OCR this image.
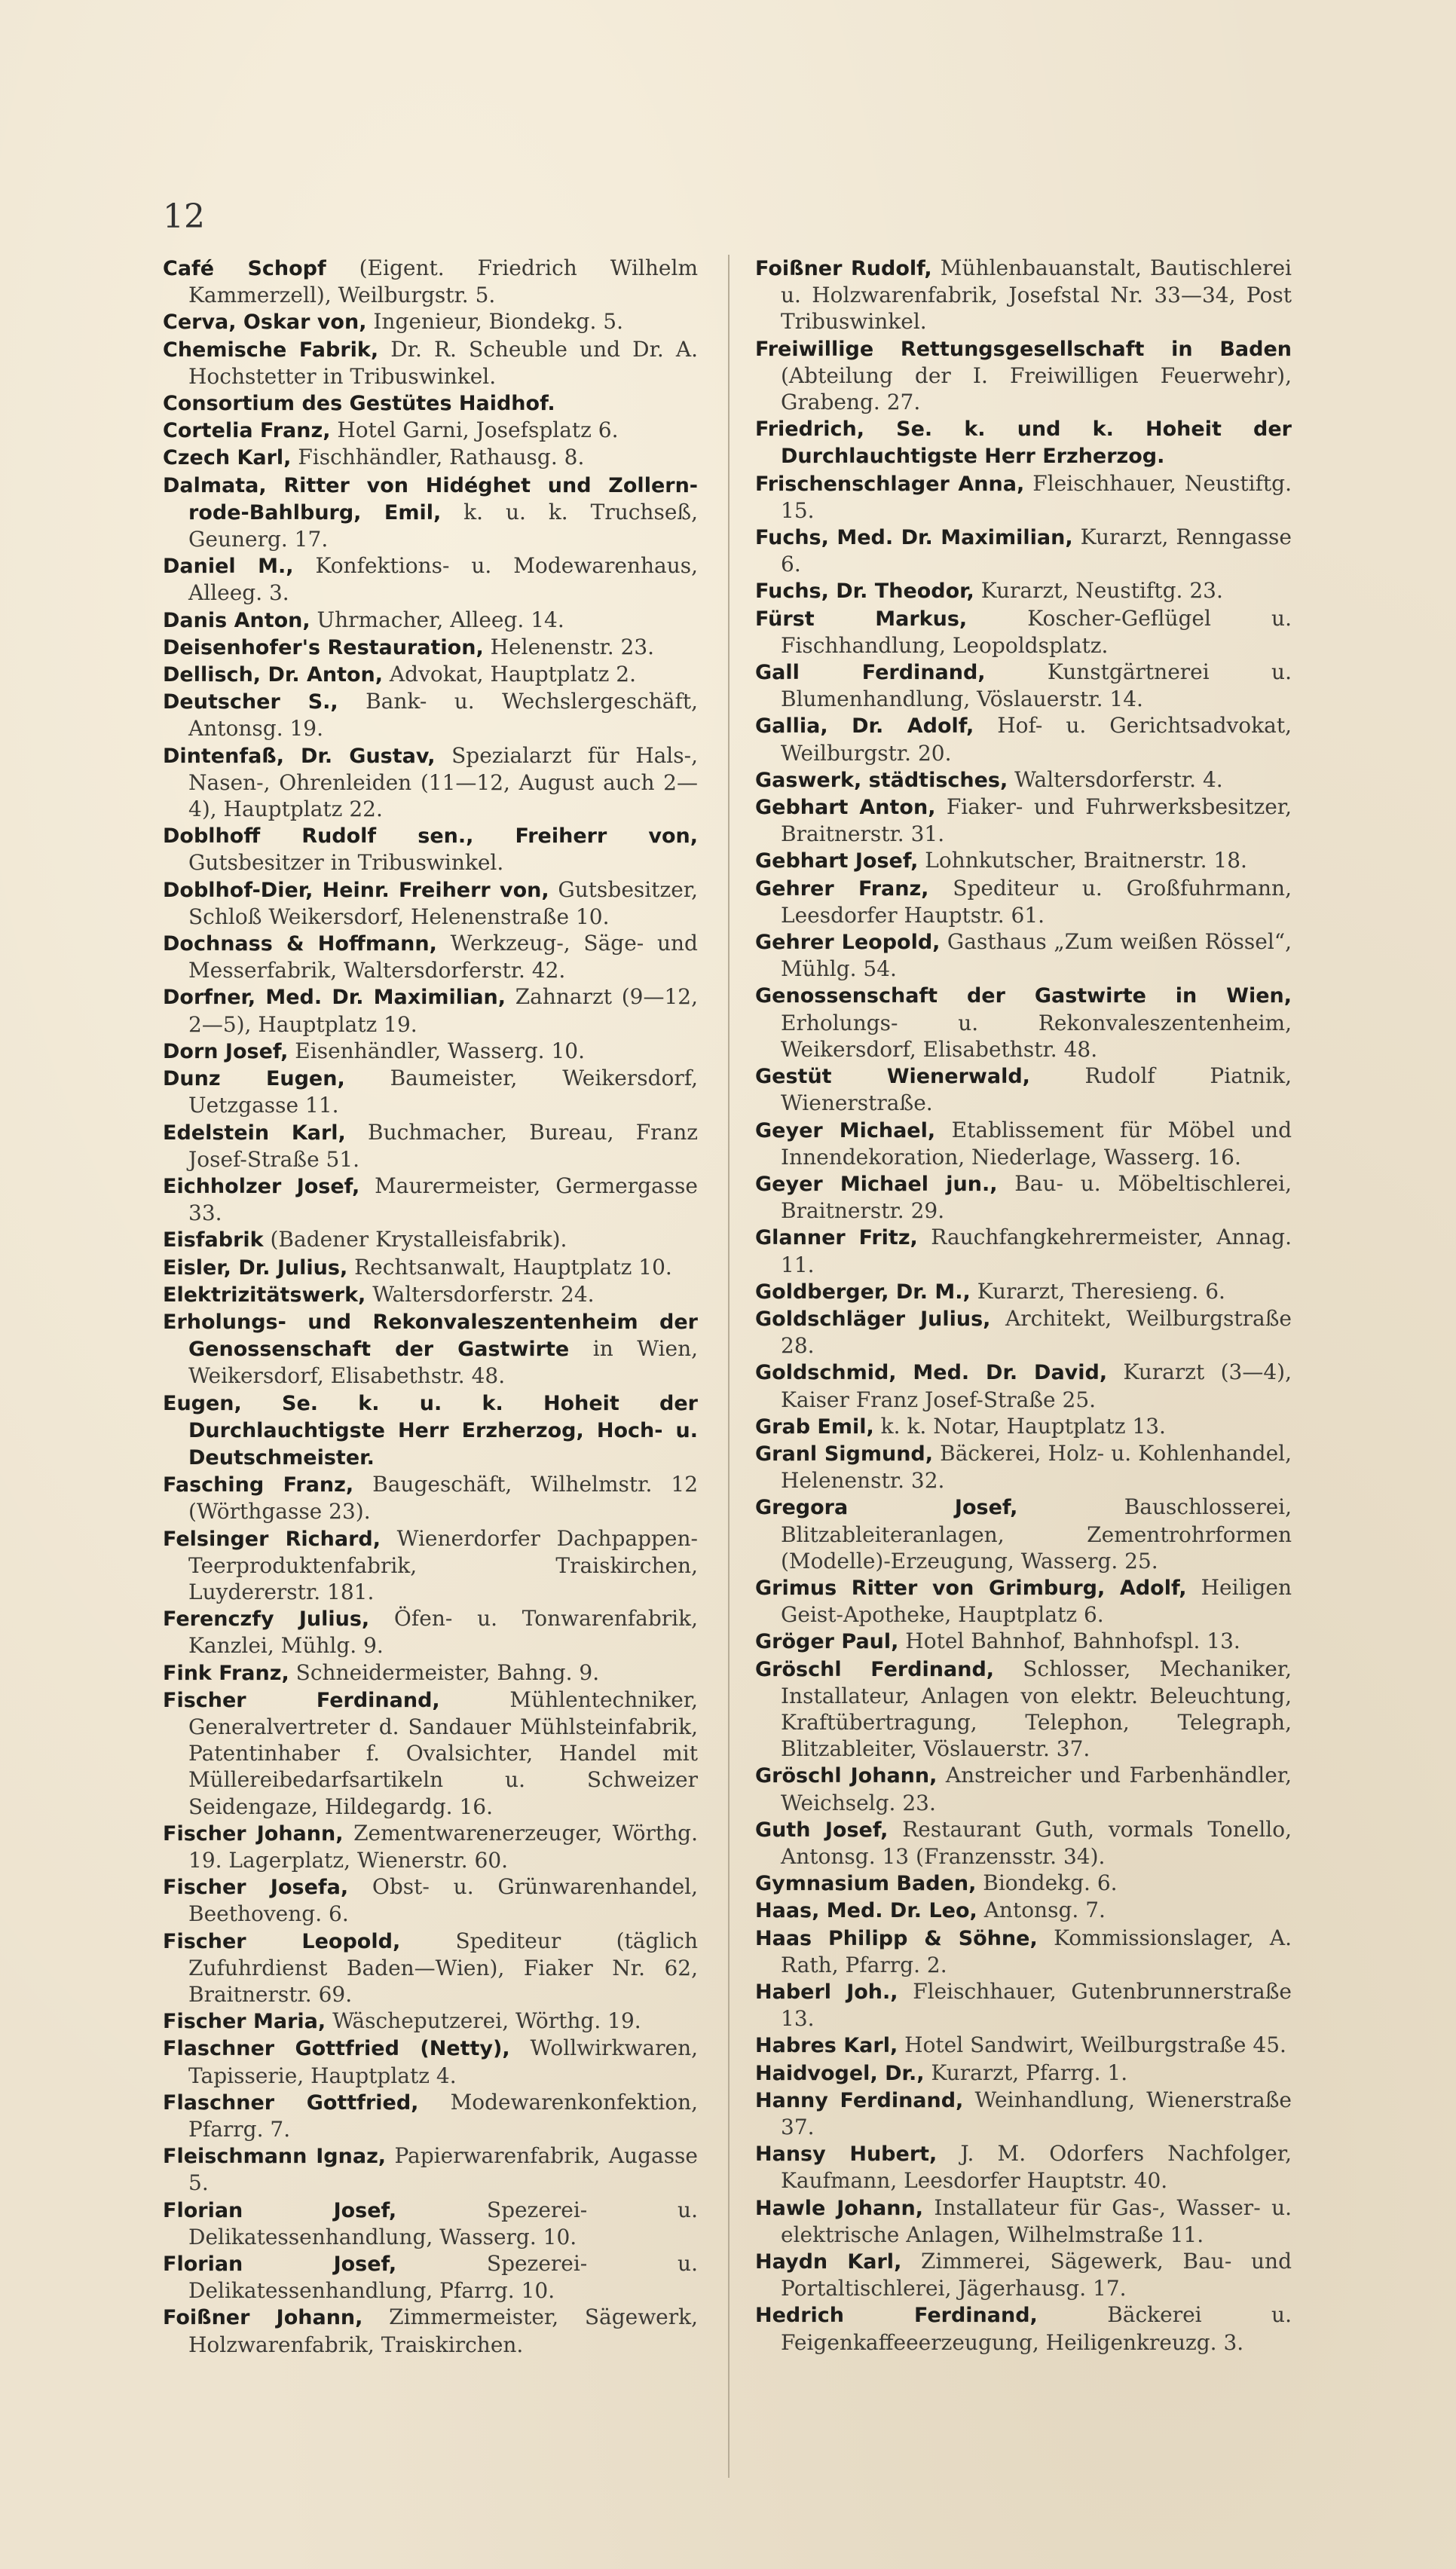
12
Café Schopf (Eigent. Friedrich Wilhelm Kammerzell), Weilburgstr. 5.
Cerva, Oskar von, Ingenieur, Biondekg. 5.
Chemische Fabrik, Dr. R. Scheuble und Dr. A. Hochstetter in Tribuswinkel.
Consortium des Gestütes Haidhof.
Cortelia Franz, Hotel Garni, Josefsplatz 6.
Czech Karl, Fischhändler, Rathausg. 8.
Dalmata, Ritter von Hidéghet und Zollern-rode-Bahlburg, Emil, k. u. k. Truchseß, Geunerg. 17.
Daniel M., Konfektions- u. Modewarenhaus, Alleeg. 3.
Danis Anton, Uhrmacher, Alleeg. 14.
Deisenhofer's Restauration, Helenenstr. 23.
Dellisch, Dr. Anton, Advokat, Hauptplatz 2.
Deutscher S., Bank- u. Wechslergeschäft, Antonsg. 19.
Dintenfaß, Dr. Gustav, Spezialarzt für Hals-, Nasen-, Ohrenleiden (11—12, August auch 2—4), Hauptplatz 22.
Doblhoff Rudolf sen., Freiherr von, Gutsbesitzer in Tribuswinkel.
Doblhof-Dier, Heinr. Freiherr von, Gutsbesitzer, Schloß Weikersdorf, Helenenstraße 10.
Dochnass & Hoffmann, Werkzeug-, Säge- und Messerfabrik, Waltersdorferstr. 42.
Dorfner, Med. Dr. Maximilian, Zahnarzt (9—12, 2—5), Hauptplatz 19.
Dorn Josef, Eisenhändler, Wasserg. 10.
Dunz Eugen, Baumeister, Weikersdorf, Uetzgasse 11.
Edelstein Karl, Buchmacher, Bureau, Franz Josef-Straße 51.
Eichholzer Josef, Maurermeister, Germergasse 33.
Eisfabrik (Badener Krystalleisfabrik).
Eisler, Dr. Julius, Rechtsanwalt, Hauptplatz 10.
Elektrizitätswerk, Waltersdorferstr. 24.
Erholungs- und Rekonvaleszentenheim der Genossenschaft der Gastwirte in Wien, Weikersdorf, Elisabethstr. 48.
Eugen, Se. k. u. k. Hoheit der Durchlauchtigste Herr Erzherzog, Hoch- u. Deutschmeister.
Fasching Franz, Baugeschäft, Wilhelmstr. 12 (Wörthgasse 23).
Felsinger Richard, Wienerdorfer Dachpappen-Teerproduktenfabrik, Traiskirchen, Luydererstr. 181.
Ferenczfy Julius, Öfen- u. Tonwarenfabrik, Kanzlei, Mühlg. 9.
Fink Franz, Schneidermeister, Bahng. 9.
Fischer Ferdinand, Mühlentechniker, Generalvertreter d. Sandauer Mühlsteinfabrik, Patentinhaber f. Ovalsichter, Handel mit Müllereibedarfsartikeln u. Schweizer Seidengaze, Hildegardg. 16.
Fischer Johann, Zementwarenerzeuger, Wörthg. 19. Lagerplatz, Wienerstr. 60.
Fischer Josefa, Obst- u. Grünwarenhandel, Beethoveng. 6.
Fischer Leopold, Spediteur (täglich Zufuhrdienst Baden—Wien), Fiaker Nr. 62, Braitnerstr. 69.
Fischer Maria, Wäscheputzerei, Wörthg. 19.
Flaschner Gottfried (Netty), Wollwirkwaren, Tapisserie, Hauptplatz 4.
Flaschner Gottfried, Modewarenkonfektion, Pfarrg. 7.
Fleischmann Ignaz, Papierwarenfabrik, Augasse 5.
Florian Josef, Spezerei- u. Delikatessenhandlung, Wasserg. 10.
Florian Josef, Spezerei- u. Delikatessenhandlung, Pfarrg. 10.
Foißner Johann, Zimmermeister, Sägewerk, Holzwarenfabrik, Traiskirchen.
Foißner Rudolf, Mühlenbauanstalt, Bautischlerei u. Holzwarenfabrik, Josefstal Nr. 33—34, Post Tribuswinkel.
Freiwillige Rettungsgesellschaft in Baden (Abteilung der I. Freiwilligen Feuerwehr), Grabeng. 27.
Friedrich, Se. k. und k. Hoheit der Durchlauchtigste Herr Erzherzog.
Frischenschlager Anna, Fleischhauer, Neustiftg. 15.
Fuchs, Med. Dr. Maximilian, Kurarzt, Renngasse 6.
Fuchs, Dr. Theodor, Kurarzt, Neustiftg. 23.
Fürst Markus, Koscher-Geflügel u. Fischhandlung, Leopoldsplatz.
Gall Ferdinand, Kunstgärtnerei u. Blumenhandlung, Vöslauerstr. 14.
Gallia, Dr. Adolf, Hof- u. Gerichtsadvokat, Weilburgstr. 20.
Gaswerk, städtisches, Waltersdorferstr. 4.
Gebhart Anton, Fiaker- und Fuhrwerksbesitzer, Braitnerstr. 31.
Gebhart Josef, Lohnkutscher, Braitnerstr. 18.
Gehrer Franz, Spediteur u. Großfuhrmann, Leesdorfer Hauptstr. 61.
Gehrer Leopold, Gasthaus „Zum weißen Rössel“, Mühlg. 54.
Genossenschaft der Gastwirte in Wien, Erholungs- u. Rekonvaleszentenheim, Weikersdorf, Elisabethstr. 48.
Gestüt Wienerwald, Rudolf Piatnik, Wienerstraße.
Geyer Michael, Etablissement für Möbel und Innendekoration, Niederlage, Wasserg. 16.
Geyer Michael jun., Bau- u. Möbeltischlerei, Braitnerstr. 29.
Glanner Fritz, Rauchfangkehrermeister, Annag. 11.
Goldberger, Dr. M., Kurarzt, Theresieng. 6.
Goldschläger Julius, Architekt, Weilburgstraße 28.
Goldschmid, Med. Dr. David, Kurarzt (3—4), Kaiser Franz Josef-Straße 25.
Grab Emil, k. k. Notar, Hauptplatz 13.
Granl Sigmund, Bäckerei, Holz- u. Kohlenhandel, Helenenstr. 32.
Gregora Josef, Bauschlosserei, Blitzableiteranlagen, Zementrohrformen (Modelle)-Erzeugung, Wasserg. 25.
Grimus Ritter von Grimburg, Adolf, Heiligen Geist-Apotheke, Hauptplatz 6.
Gröger Paul, Hotel Bahnhof, Bahnhofspl. 13.
Gröschl Ferdinand, Schlosser, Mechaniker, Installateur, Anlagen von elektr. Beleuchtung, Kraftübertragung, Telephon, Telegraph, Blitzableiter, Vöslauerstr. 37.
Gröschl Johann, Anstreicher und Farbenhändler, Weichselg. 23.
Guth Josef, Restaurant Guth, vormals Tonello, Antonsg. 13 (Franzensstr. 34).
Gymnasium Baden, Biondekg. 6.
Haas, Med. Dr. Leo, Antonsg. 7.
Haas Philipp & Söhne, Kommissionslager, A. Rath, Pfarrg. 2.
Haberl Joh., Fleischhauer, Gutenbrunnerstraße 13.
Habres Karl, Hotel Sandwirt, Weilburgstraße 45.
Haidvogel, Dr., Kurarzt, Pfarrg. 1.
Hanny Ferdinand, Weinhandlung, Wienerstraße 37.
Hansy Hubert, J. M. Odorfers Nachfolger, Kaufmann, Leesdorfer Hauptstr. 40.
Hawle Johann, Installateur für Gas-, Wasser- u. elektrische Anlagen, Wilhelmstraße 11.
Haydn Karl, Zimmerei, Sägewerk, Bau- und Portaltischlerei, Jägerhausg. 17.
Hedrich Ferdinand, Bäckerei u. Feigenkaffeeerzeugung, Heiligenkreuzg. 3.
